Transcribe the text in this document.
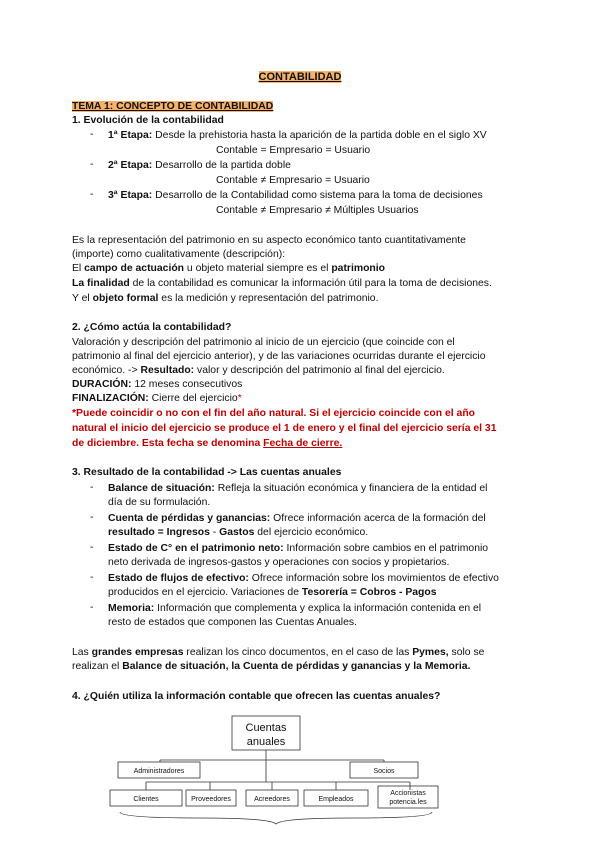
CONTABILIDAD
TEMA 1: CONCEPTO DE CONTABILIDAD
1. Evolución de la contabilidad
- 1ª Etapa: Desde la prehistoria hasta la aparición de la partida doble en el siglo XV
Contable = Empresario = Usuario
- 2ª Etapa: Desarrollo de la partida doble
Contable ≠ Empresario = Usuario
- 3ª Etapa: Desarrollo de la Contabilidad como sistema para la toma de decisiones
Contable ≠ Empresario ≠ Múltiples Usuarios
Es la representación del patrimonio en su aspecto económico tanto cuantitativamente
(importe) como cualitativamente (descripción):
El campo de actuación u objeto material siempre es el patrimonio
La finalidad de la contabilidad es comunicar la información útil para la toma de decisiones.
Y el objeto formal es la medición y representación del patrimonio.
2. ¿Cómo actúa la contabilidad?
Valoración y descripción del patrimonio al inicio de un ejercicio (que coincide con el
patrimonio al final del ejercicio anterior), y de las variaciones ocurridas durante el ejercicio
económico. -> Resultado: valor y descripción del patrimonio al final del ejercicio.
DURACIÓN: 12 meses consecutivos
FINALIZACIÓN: Cierre del ejercicio*
*Puede coincidir o no con el fin del año natural. Si el ejercicio coincide con el año
natural el inicio del ejercicio se produce el 1 de enero y el final del ejercicio sería el 31
de diciembre. Esta fecha se denomina Fecha de cierre.
3. Resultado de la contabilidad -> Las cuentas anuales
- Balance de situación: Refleja la situación económica y financiera de la entidad el
día de su formulación.
- Cuenta de pérdidas y ganancias: Ofrece información acerca de la formación del
resultado = Ingresos - Gastos del ejercicio económico.
- Estado de C° en el patrimonio neto: Información sobre cambios en el patrimonio
neto derivada de ingresos-gastos y operaciones con socios y propietarios.
- Estado de flujos de efectivo: Ofrece información sobre los movimientos de efectivo
producidos en el ejercicio. Variaciones de Tesorería = Cobros - Pagos
- Memoria: Información que complementa y explica la información contenida en el
resto de estados que componen las Cuentas Anuales.
Las grandes empresas realizan los cinco documentos, en el caso de las Pymes, solo se
realizan el Balance de situación, la Cuenta de pérdidas y ganancias y la Memoria.
4. ¿Quién utiliza la información contable que ofrecen las cuentas anuales?
Cuentas
anuales
Administradores	Socios
Clientes	Proveedores	Acreedores	Empleados
Accionistas
potencia.les
